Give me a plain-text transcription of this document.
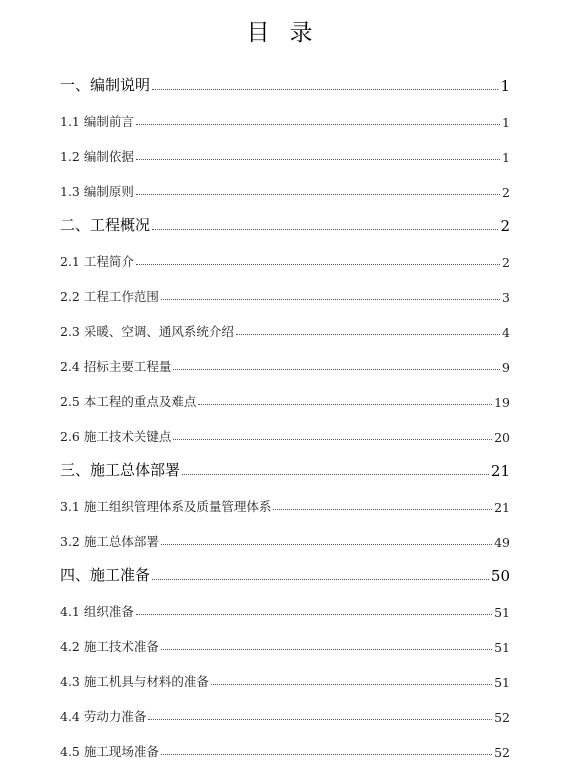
目录
一、编制说明	1
1.1 编制前言	1
1.2 编制依据	1
1.3 编制原则	2
二、工程概况	2
2.1 工程简介	2
2.2 工程工作范围	3
2.3 采暖、空调、通风系统介绍	4
2.4 招标主要工程量	9
2.5 本工程的重点及难点	19
2.6 施工技术关键点	20
三、施工总体部署	21
3.1 施工组织管理体系及质量管理体系	21
3.2 施工总体部署	49
四、施工准备	50
4.1 组织准备	51
4.2 施工技术准备	51
4.3 施工机具与材料的准备	51
4.4 劳动力准备	52
4.5 施工现场准备	52
